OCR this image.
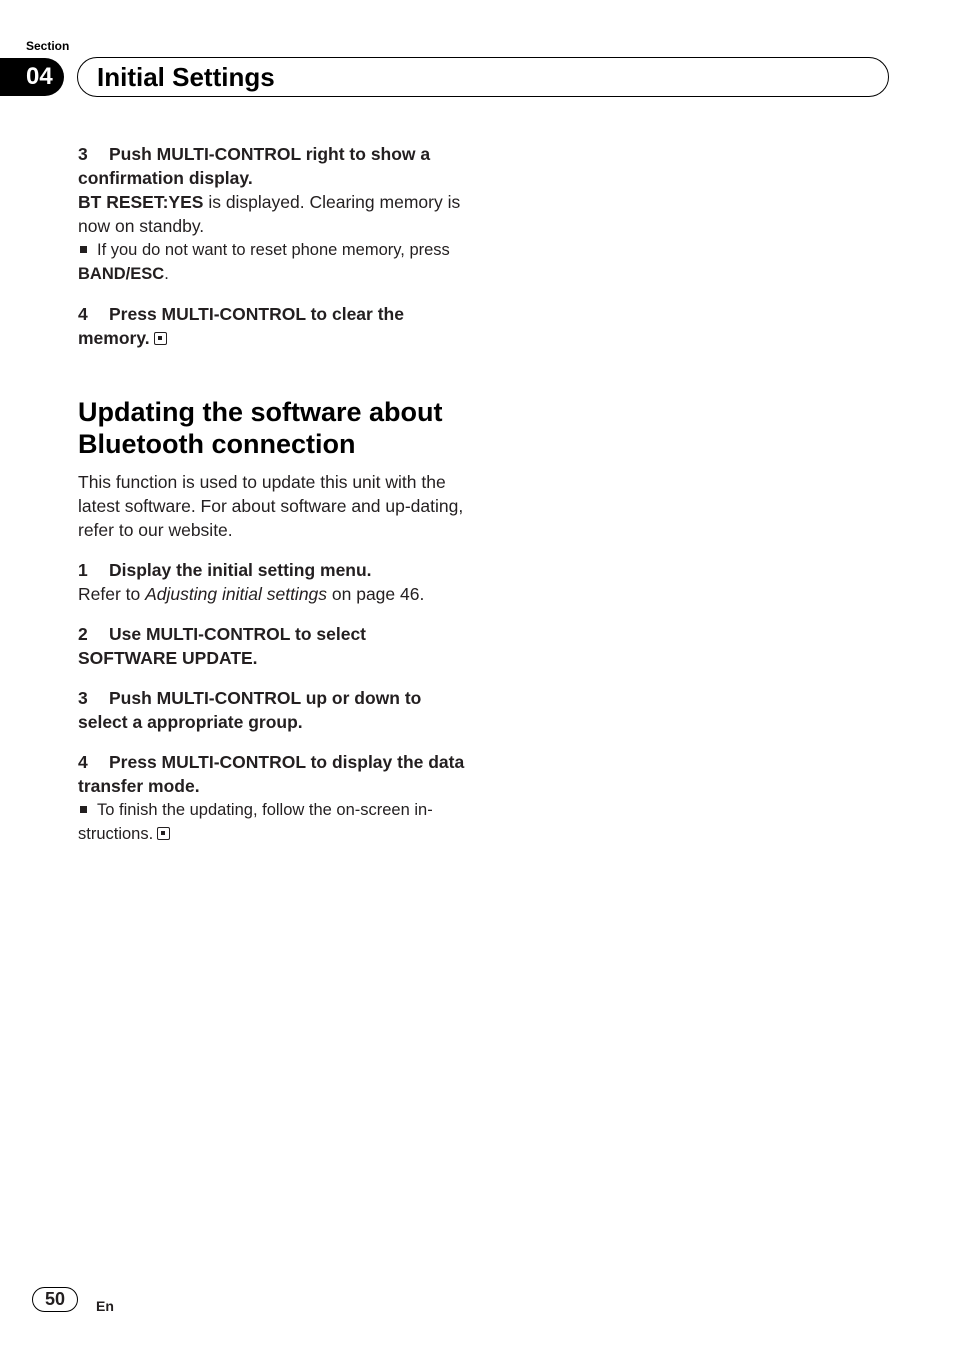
Section
04	Initial Settings

3 Push MULTI-CONTROL right to show a confirmation display.

BT RESET:YES is displayed. Clearing memory is now on standby.

If you do not want to reset phone memory, press BAND/ESC.

4 Press MULTI-CONTROL to clear the memory.

Updating the software about Bluetooth connection

This function is used to update this unit with the latest software. For about software and up-dating, refer to our website.

1 Display the initial setting menu.

Refer to Adjusting initial settings on page 46.

2 Use MULTI-CONTROL to select SOFTWARE UPDATE.

3 Push MULTI-CONTROL up or down to select a appropriate group.

4 Press MULTI-CONTROL to display the data transfer mode.

To finish the updating, follow the on-screen in-structions.

50	En
